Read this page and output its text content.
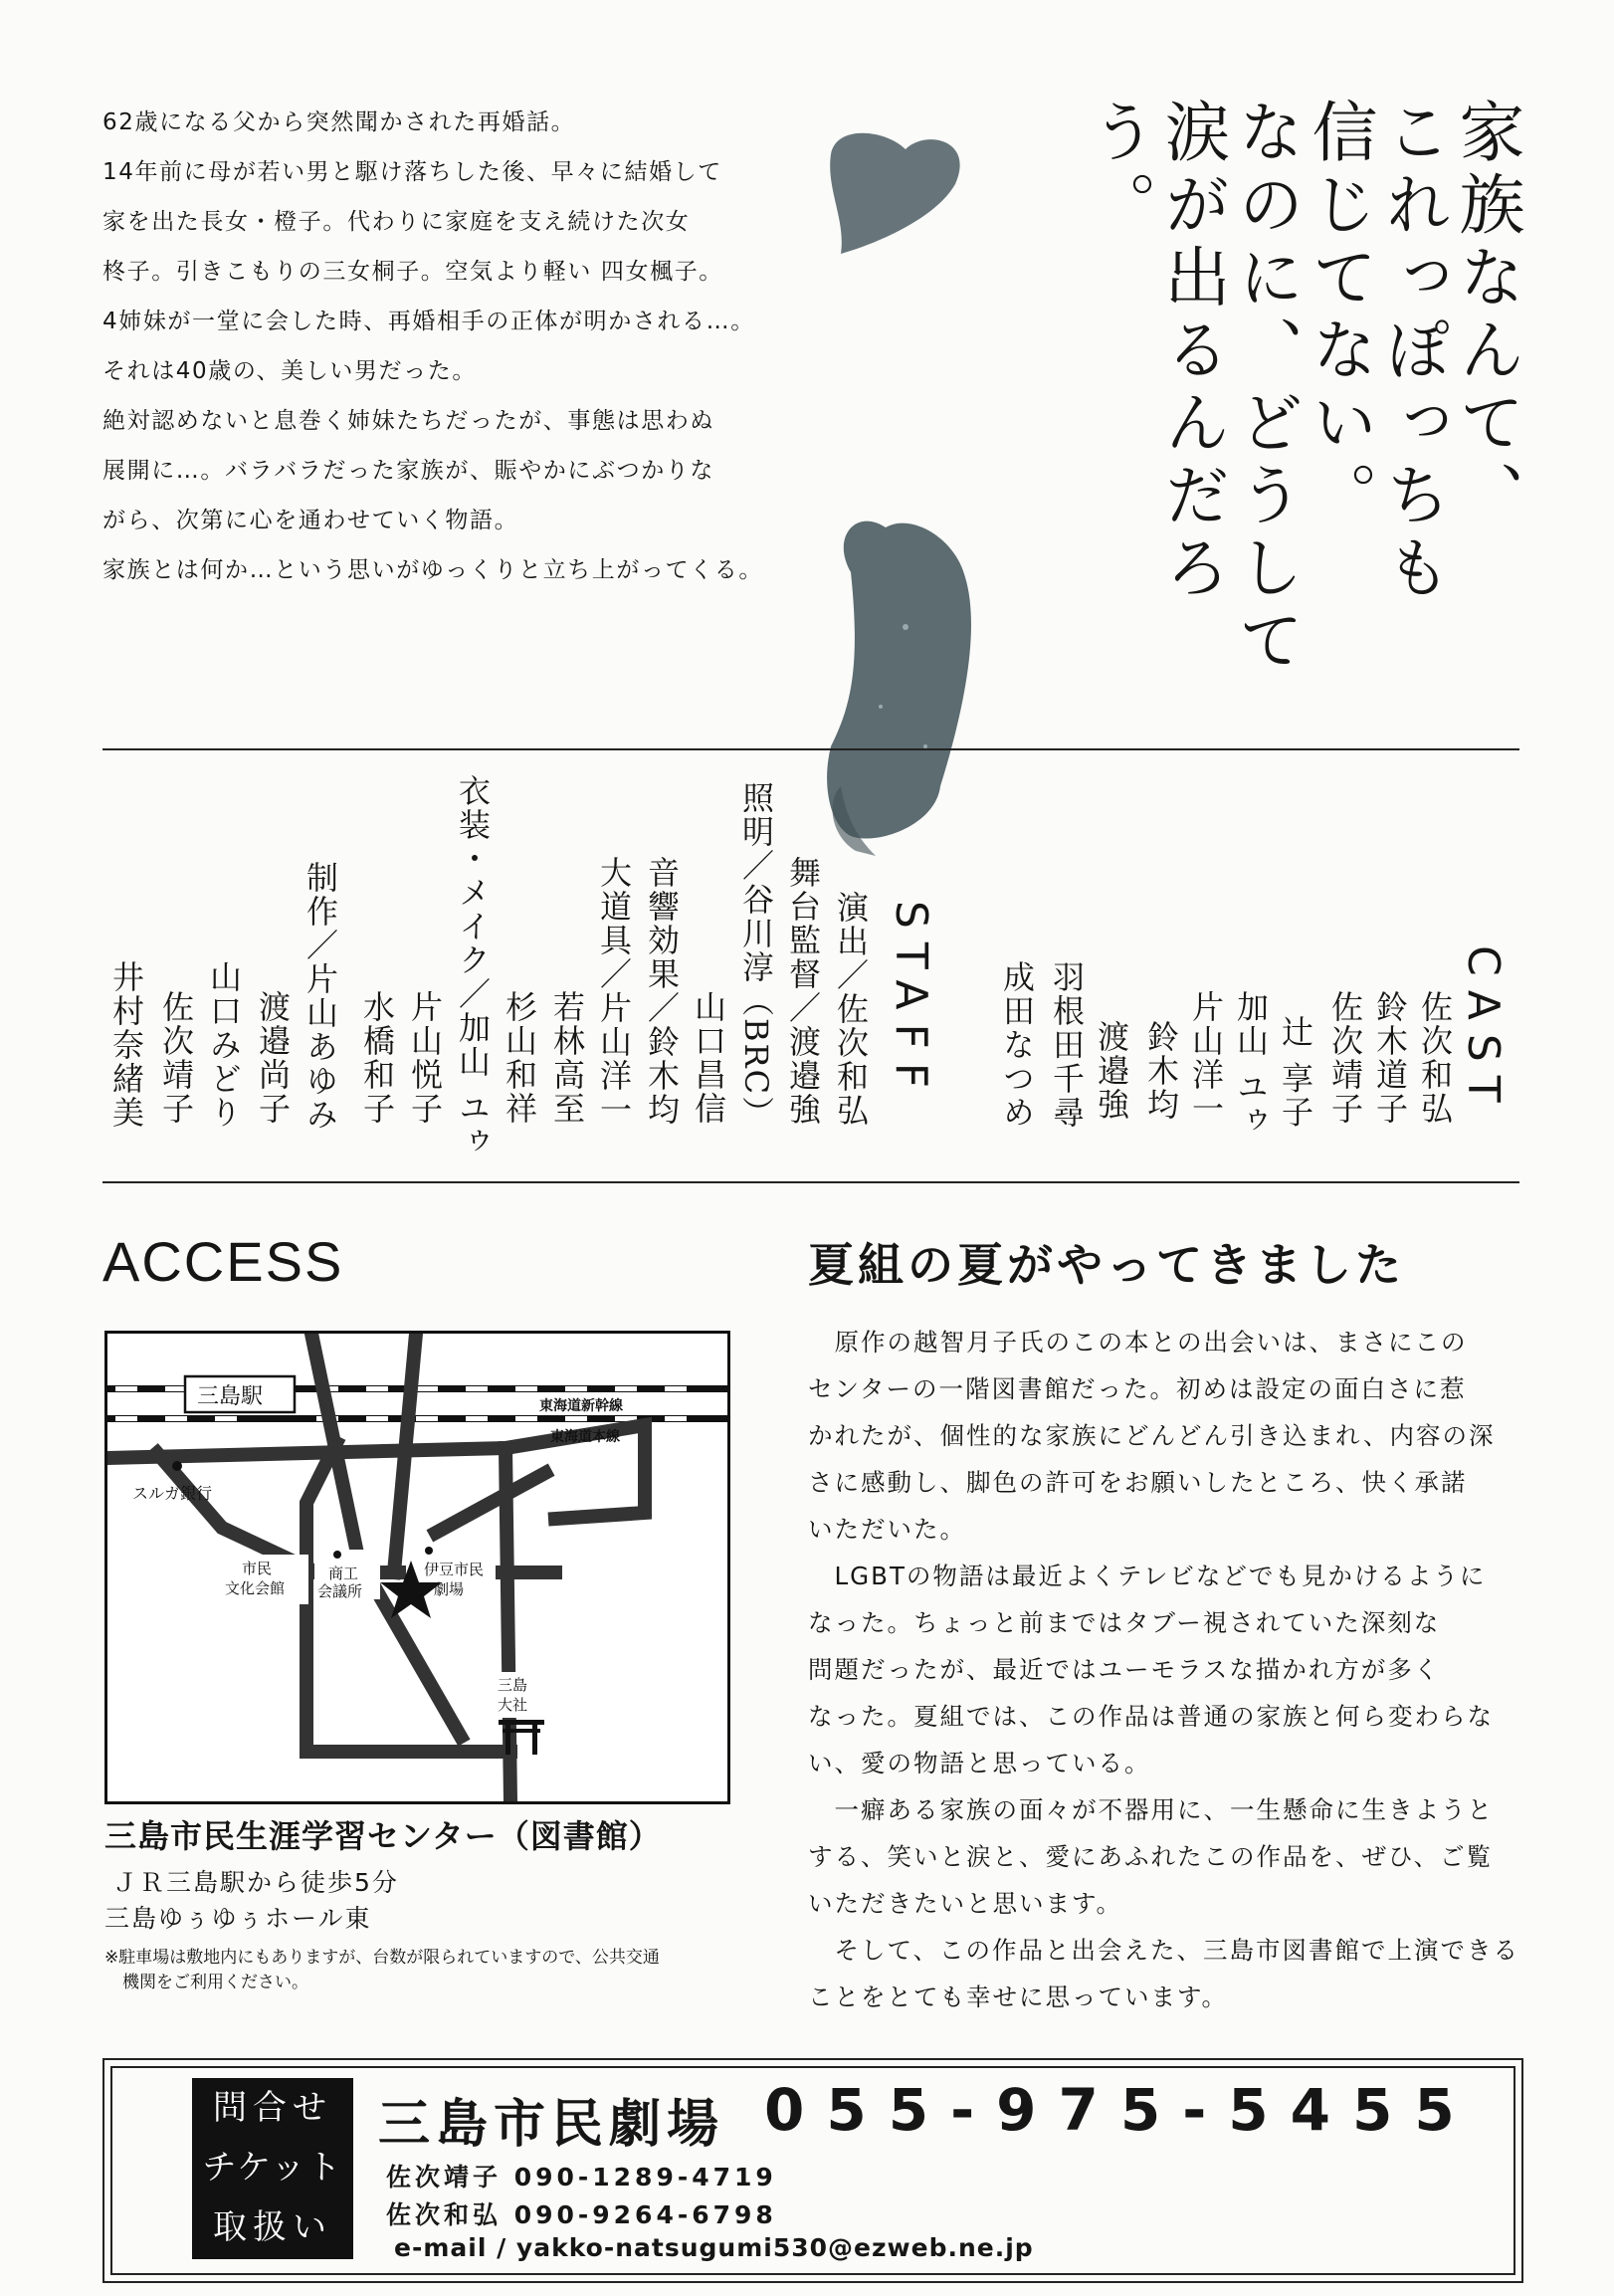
62歳になる父から突然聞かされた再婚話。

14年前に母が若い男と駆け落ちした後、早々に結婚して

家を出た長女・橙子。代わりに家庭を支え続けた次女

柊子。引きこもりの三女桐子。空気より軽い 四女楓子。

4姉妹が一堂に会した時、再婚相手の正体が明かされる…。

それは40歳の、美しい男だった。

絶対認めないと息巻く姉妹たちだったが、事態は思わぬ

展開に…。バラバラだった家族が、賑やかにぶつかりな

がら、次第に心を通わせていく物語。

家族とは何か…という思いがゆっくりと立ち上がってくる。

家族なんて、
これっぽっちも
信じてない。
なのに、どうして
涙が出るんだろう。
CAST
佐次和弘
鈴木道子
佐次靖子
辻 享子
加山 ユゥ
片山洋一
鈴木均
渡邉強
羽根田千尋
成田なつめ
STAFF
演出／佐次和弘
舞台監督／渡邉強
照明／谷川淳（BRC）
山口昌信
音響効果／鈴木均
大道具／片山洋一
若林高至
杉山和祥
衣装・メイク／加山 ユゥ
片山悦子
水橋和子
制作／片山あゆみ
渡邉尚子
山口みどり
佐次靖子
井村奈緒美
ACCESS
三島駅	東海道新幹線
東海道本線
スルガ銀行
市民
文化会館
商工
会議所
伊豆市民
劇場
三島
大社
三島市民生涯学習センター（図書館）
ＪＲ三島駅から徒歩5分
三島ゆぅゆぅホール東
※駐車場は敷地内にもありますが、台数が限られていますので、公共交通
機関をご利用ください。
夏組の夏がやってきました
　原作の越智月子氏のこの本との出会いは、まさにこの
センターの一階図書館だった。初めは設定の面白さに惹
かれたが、個性的な家族にどんどん引き込まれ、内容の深
さに感動し、脚色の許可をお願いしたところ、快く承諾
いただいた。
　LGBTの物語は最近よくテレビなどでも見かけるように
なった。ちょっと前まではタブー視されていた深刻な
問題だったが、最近ではユーモラスな描かれ方が多く
なった。夏組では、この作品は普通の家族と何ら変わらな
い、愛の物語と思っている。
　一癖ある家族の面々が不器用に、一生懸命に生きようと
する、笑いと涙と、愛にあふれたこの作品を、ぜひ、ご覧
いただきたいと思います。
　そして、この作品と出会えた、三島市図書館で上演できる
ことをとても幸せに思っています。
問合せ
チケット
取扱い
三島市民劇場 055-975-5455
佐次靖子 090-1289-4719
佐次和弘 090-9264-6798
e-mail / yakko-natsugumi530@ezweb.ne.jp
